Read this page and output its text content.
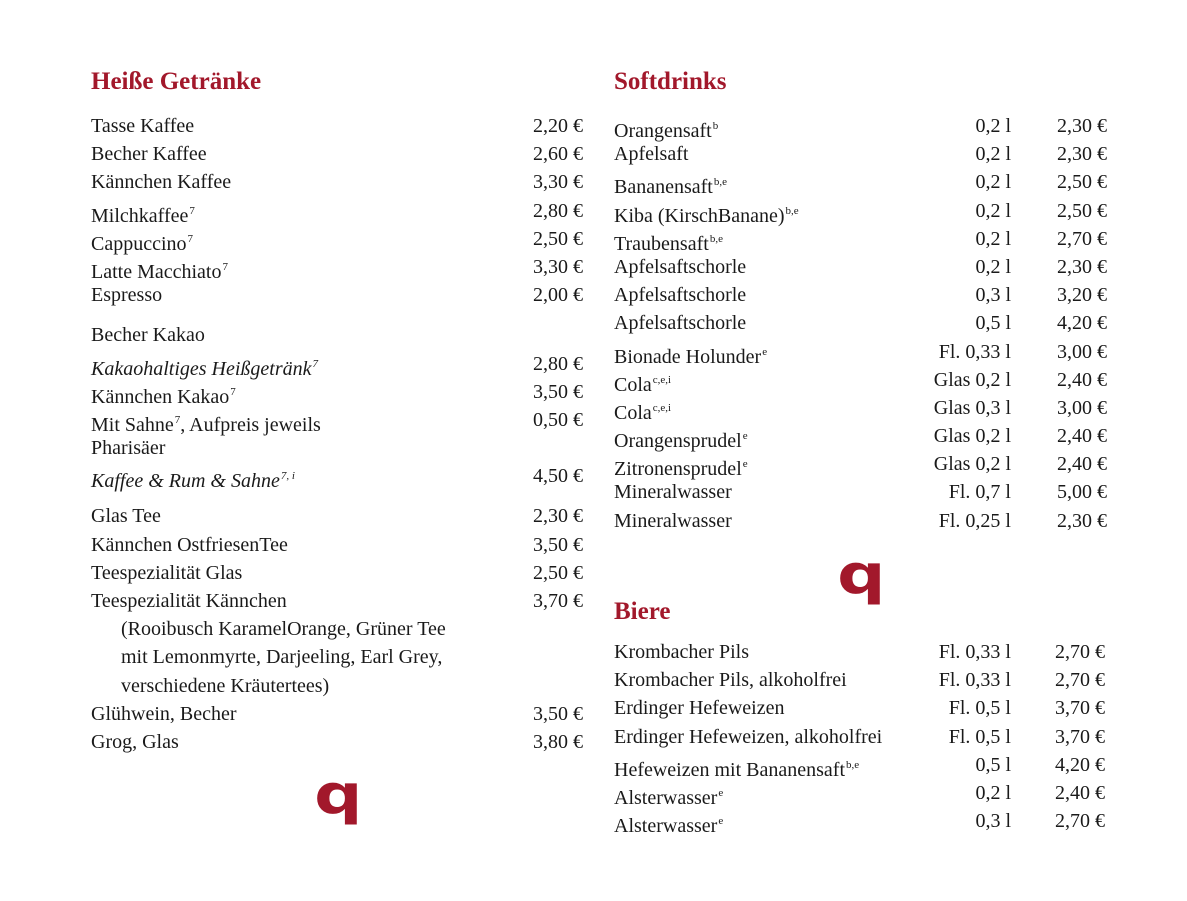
Heiße Getränke
Tasse Kaffee	2,20 €
Becher Kaffee	2,60 €
Kännchen Kaffee	3,30 €
Milchkaffee$^7$	2,80 €
Cappuccino$^7$	2,50 €
Latte Macchiato$^7$	3,30 €
Espresso	2,00 €
Becher Kakao
Kakaohaltiges Heißgetränk$^7$	2,80 €
Kännchen Kakao$^7$	3,50 €
Mit Sahne$^7$, Aufpreis jeweils	0,50 €
Pharisäer
Kaffee & Rum & Sahne$^{7, i}$	4,50 €
Glas Tee	2,30 €
Kännchen OstfriesenTee	3,50 €
Teespezialität Glas	2,50 €
Teespezialität Kännchen	3,70 €
(Rooibusch KaramelOrange, Grüner Tee
mit Lemonmyrte, Darjeeling, Earl Grey,
verschiedene Kräutertees)
Glühwein, Becher	3,50 €
Grog, Glas	3,80 €
Softdrinks
Orangensaft$^b$	0,2 l 2,30 €
Apfelsaft	0,2 l 2,30 €
Bananensaft$^{b,e}$	0,2 l 2,50 €
Kiba (KirschBanane)$^{b,e}$	0,2 l 2,50 €
Traubensaft$^{b,e}$	0,2 l 2,70 €
Apfelsaftschorle	0,2 l 2,30 €
Apfelsaftschorle	0,3 l 3,20 €
Apfelsaftschorle	0,5 l 4,20 €
Bionade Holunder$^e$	Fl. 0,33 l 3,00 €
Cola$^{c,e,i}$	Glas 0,2 l 2,40 €
Cola$^{c,e,i}$	Glas 0,3 l 3,00 €
Orangensprudel$^e$	Glas 0,2 l 2,40 €
Zitronensprudel$^e$	Glas 0,2 l 2,40 €
Mineralwasser	Fl. 0,7 l 5,00 €
Mineralwasser	Fl. 0,25 l 2,30 €
Biere
Krombacher Pils	Fl. 0,33 l 2,70 €
Krombacher Pils, alkoholfrei	Fl. 0,33 l 2,70 €
Erdinger Hefeweizen	Fl. 0,5 l 3,70 €
Erdinger Hefeweizen, alkoholfrei	Fl. 0,5 l 3,70 €
Hefeweizen mit Bananensaft$^{b,e}$	0,5 l 4,20 €
Alsterwasser$^e$	0,2 l 2,40 €
Alsterwasser$^e$	0,3 l 2,70 €
q
q
